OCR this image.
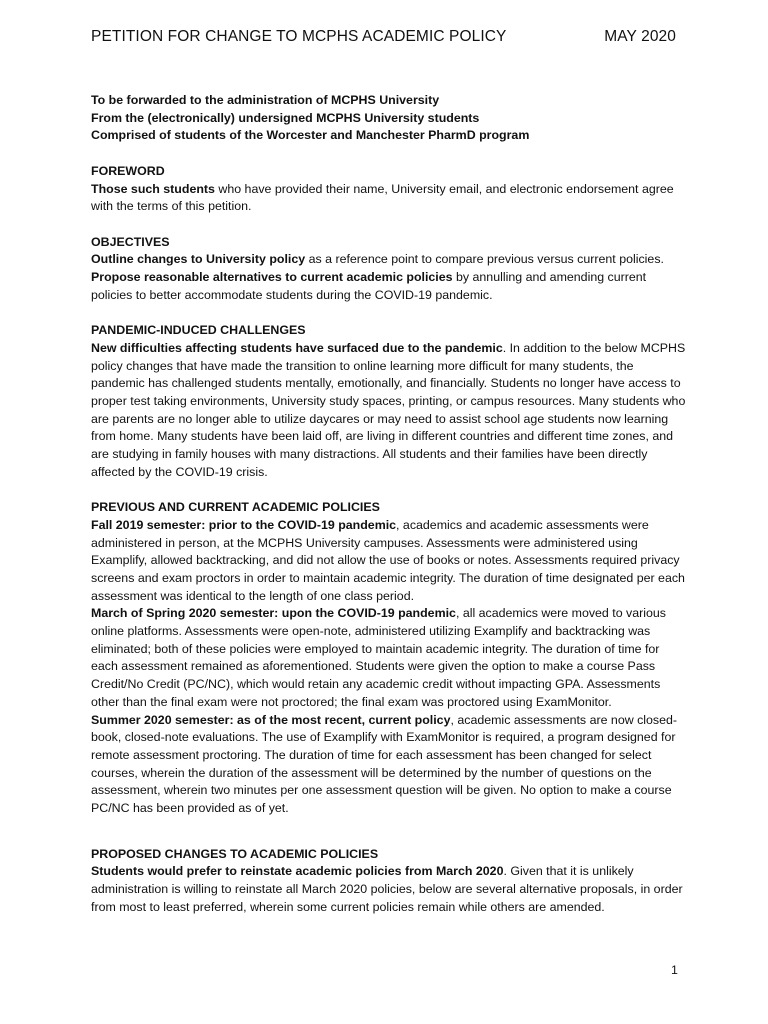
PETITION FOR CHANGE TO MCPHS ACADEMIC POLICY	MAY 2020

To be forwarded to the administration of MCPHS University

From the (electronically) undersigned MCPHS University students

Comprised of students of the Worcester and Manchester PharmD program

FOREWORD

Those such students who have provided their name, University email, and electronic endorsement agree with the terms of this petition.

OBJECTIVES

Outline changes to University policy as a reference point to compare previous versus current policies.

Propose reasonable alternatives to current academic policies by annulling and amending current policies to better accommodate students during the COVID-19 pandemic.

PANDEMIC-INDUCED CHALLENGES

New difficulties affecting students have surfaced due to the pandemic. In addition to the below MCPHS policy changes that have made the transition to online learning more difficult for many students, the pandemic has challenged students mentally, emotionally, and financially. Students no longer have access to proper test taking environments, University study spaces, printing, or campus resources. Many students who are parents are no longer able to utilize daycares or may need to assist school age students now learning from home. Many students have been laid off, are living in different countries and different time zones, and are studying in family houses with many distractions. All students and their families have been directly affected by the COVID-19 crisis.

PREVIOUS AND CURRENT ACADEMIC POLICIES

Fall 2019 semester: prior to the COVID-19 pandemic, academics and academic assessments were administered in person, at the MCPHS University campuses. Assessments were administered using Examplify, allowed backtracking, and did not allow the use of books or notes. Assessments required privacy screens and exam proctors in order to maintain academic integrity. The duration of time designated per each assessment was identical to the length of one class period.

March of Spring 2020 semester: upon the COVID-19 pandemic, all academics were moved to various online platforms. Assessments were open-note, administered utilizing Examplify and backtracking was eliminated; both of these policies were employed to maintain academic integrity. The duration of time for each assessment remained as aforementioned. Students were given the option to make a course Pass Credit/No Credit (PC/NC), which would retain any academic credit without impacting GPA. Assessments other than the final exam were not proctored; the final exam was proctored using ExamMonitor.

Summer 2020 semester: as of the most recent, current policy, academic assessments are now closed-book, closed-note evaluations. The use of Examplify with ExamMonitor is required, a program designed for remote assessment proctoring. The duration of time for each assessment has been changed for select courses, wherein the duration of the assessment will be determined by the number of questions on the assessment, wherein two minutes per one assessment question will be given. No option to make a course PC/NC has been provided as of yet.

PROPOSED CHANGES TO ACADEMIC POLICIES

Students would prefer to reinstate academic policies from March 2020. Given that it is unlikely administration is willing to reinstate all March 2020 policies, below are several alternative proposals, in order from most to least preferred, wherein some current policies remain while others are amended.

1
